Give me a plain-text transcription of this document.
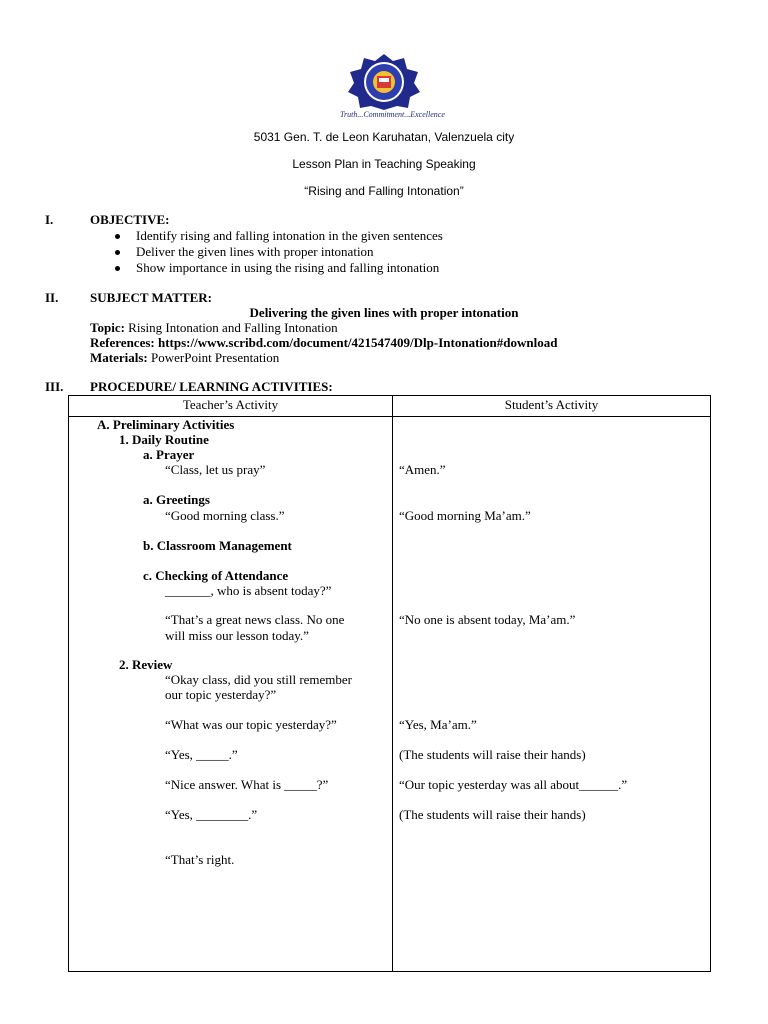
Truth...Commitment...Excellence
5031 Gen. T. de Leon Karuhatan, Valenzuela city
Lesson Plan in Teaching Speaking
“Rising and Falling Intonation”
I.	OBJECTIVE:
Identify rising and falling intonation in the given sentences
Deliver the given lines with proper intonation
Show importance in using the rising and falling intonation
II. SUBJECT MATTER:
Delivering the given lines with proper intonation
Topic: Rising Intonation and Falling Intonation
References: https://www.scribd.com/document/421547409/Dlp-Intonation#download
Materials: PowerPoint Presentation
III. PROCEDURE/ LEARNING ACTIVITIES:
Teacher’s Activity	Student’s Activity
A. Preliminary Activities
1. Daily Routine
a. Prayer
“Class, let us pray”
a. Greetings
“Good morning class.”
b. Classroom Management
c. Checking of Attendance
_______, who is absent today?”
“That’s a great news class. No one
will miss our lesson today.”
2. Review
“Okay class, did you still remember
our topic yesterday?”
“What was our topic yesterday?”
“Yes, _____.”
“Nice answer. What is _____?”
“Yes, ________.”
“That’s right.
“Amen.”
“Good morning Ma’am.”
“No one is absent today, Ma’am.”
“Yes, Ma’am.”
(The students will raise their hands)
“Our topic yesterday was all about______.”
(The students will raise their hands)
